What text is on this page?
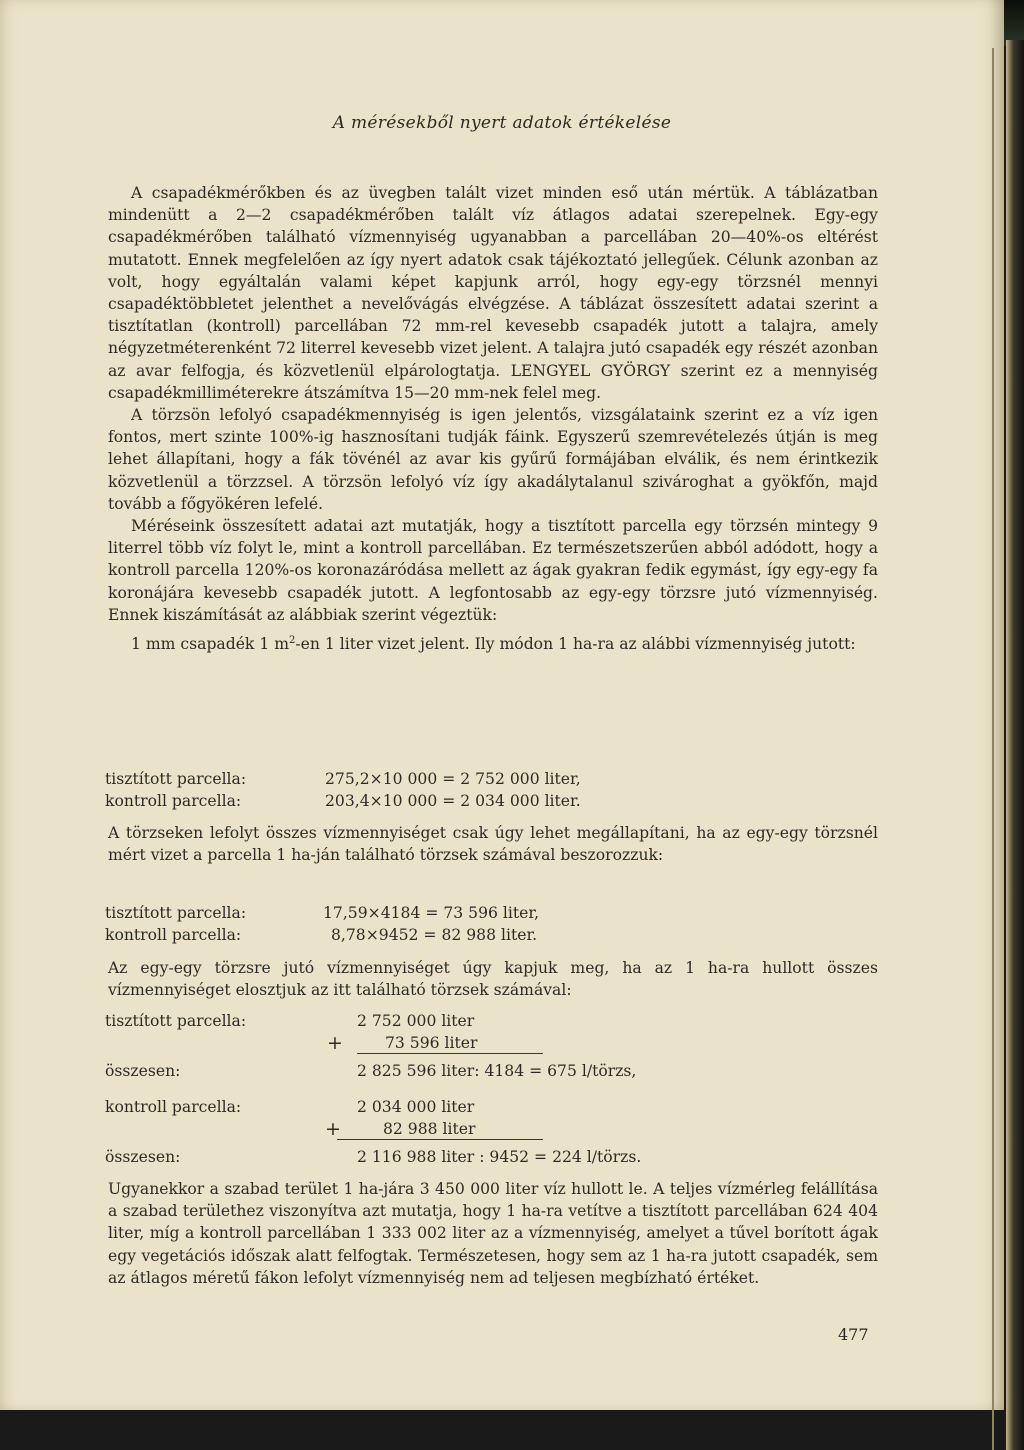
A mérésekből nyert adatok értékelése

A csapadékmérőkben és az üvegben talált vizet minden eső után mértük. A táblázatban mindenütt a 2—2 csapadékmérőben talált víz átlagos adatai szerepelnek. Egy-egy csapadékmérőben található vízmennyiség ugyanabban a parcellában 20—40%-os eltérést mutatott. Ennek megfelelően az így nyert adatok csak tájékoztató jellegűek. Célunk azonban az volt, hogy egyáltalán valami képet kapjunk arról, hogy egy-egy törzsnél mennyi csapadéktöbbletet jelenthet a nevelővágás elvégzése. A táblázat összesített adatai szerint a tisztítatlan (kontroll) parcellában 72 mm-rel kevesebb csapadék jutott a talajra, amely négyzetméterenként 72 literrel kevesebb vizet jelent. A talajra jutó csapadék egy részét azonban az avar felfogja, és közvetlenül elpárologtatja. LENGYEL GYÖRGY szerint ez a mennyiség csapadékmilliméterekre átszámítva 15—20 mm-nek felel meg.

A törzsön lefolyó csapadékmennyiség is igen jelentős, vizsgálataink szerint ez a víz igen fontos, mert szinte 100%-ig hasznosítani tudják fáink. Egyszerű szemrevételezés útján is meg lehet állapítani, hogy a fák tövénél az avar kis gyűrű formájában elválik, és nem érintkezik közvetlenül a törzzsel. A törzsön lefolyó víz így akadálytalanul szivároghat a gyökfőn, majd tovább a főgyökéren lefelé.

Méréseink összesített adatai azt mutatják, hogy a tisztított parcella egy törzsén mintegy 9 literrel több víz folyt le, mint a kontroll parcellában. Ez természetszerűen abból adódott, hogy a kontroll parcella 120%-os koronazáródása mellett az ágak gyakran fedik egymást, így egy-egy fa koronájára kevesebb csapadék jutott. A legfontosabb az egy-egy törzsre jutó vízmennyiség. Ennek kiszámítását az alábbiak szerint végeztük:

1 mm csapadék 1 $m^2-en$ 1 liter vizet jelent. Ily módon 1 ha-ra az alábbi vízmennyiség jutott:

tisztított parcella:	275,2×10 000 = 2 752 000 liter,
kontroll parcella:	203,4×10 000 = 2 034 000 liter.

A törzseken lefolyt összes vízmennyiséget csak úgy lehet megállapítani, ha az egy-egy törzsnél mért vizet a parcella 1 ha-ján található törzsek számával beszorozzuk:

tisztított parcella:	17,59×4184 = 73 596 liter,
kontroll parcella:	8,78×9452 = 82 988 liter.

Az egy-egy törzsre jutó vízmennyiséget úgy kapjuk meg, ha az 1 ha-ra hullott összes vízmennyiséget elosztjuk az itt található törzsek számával:

tisztított parcella:	2 752 000 liter
+	73 596 liter
összesen:	2 825 596 liter: 4184 = 675 l/törzs,
kontroll parcella:	2 034 000 liter
+	82 988 liter
összesen:	2 116 988 liter : 9452 = 224 l/törzs.

Ugyanekkor a szabad terület 1 ha-jára 3 450 000 liter víz hullott le. A teljes vízmérleg felállítása a szabad területhez viszonyítva azt mutatja, hogy 1 ha-ra vetítve a tisztított parcellában 624 404 liter, míg a kontroll parcellában 1 333 002 liter az a vízmennyiség, amelyet a tűvel borított ágak egy vegetációs időszak alatt felfogtak. Természetesen, hogy sem az 1 ha-ra jutott csapadék, sem az átlagos méretű fákon lefolyt vízmennyiség nem ad teljesen megbízható értéket.

477
